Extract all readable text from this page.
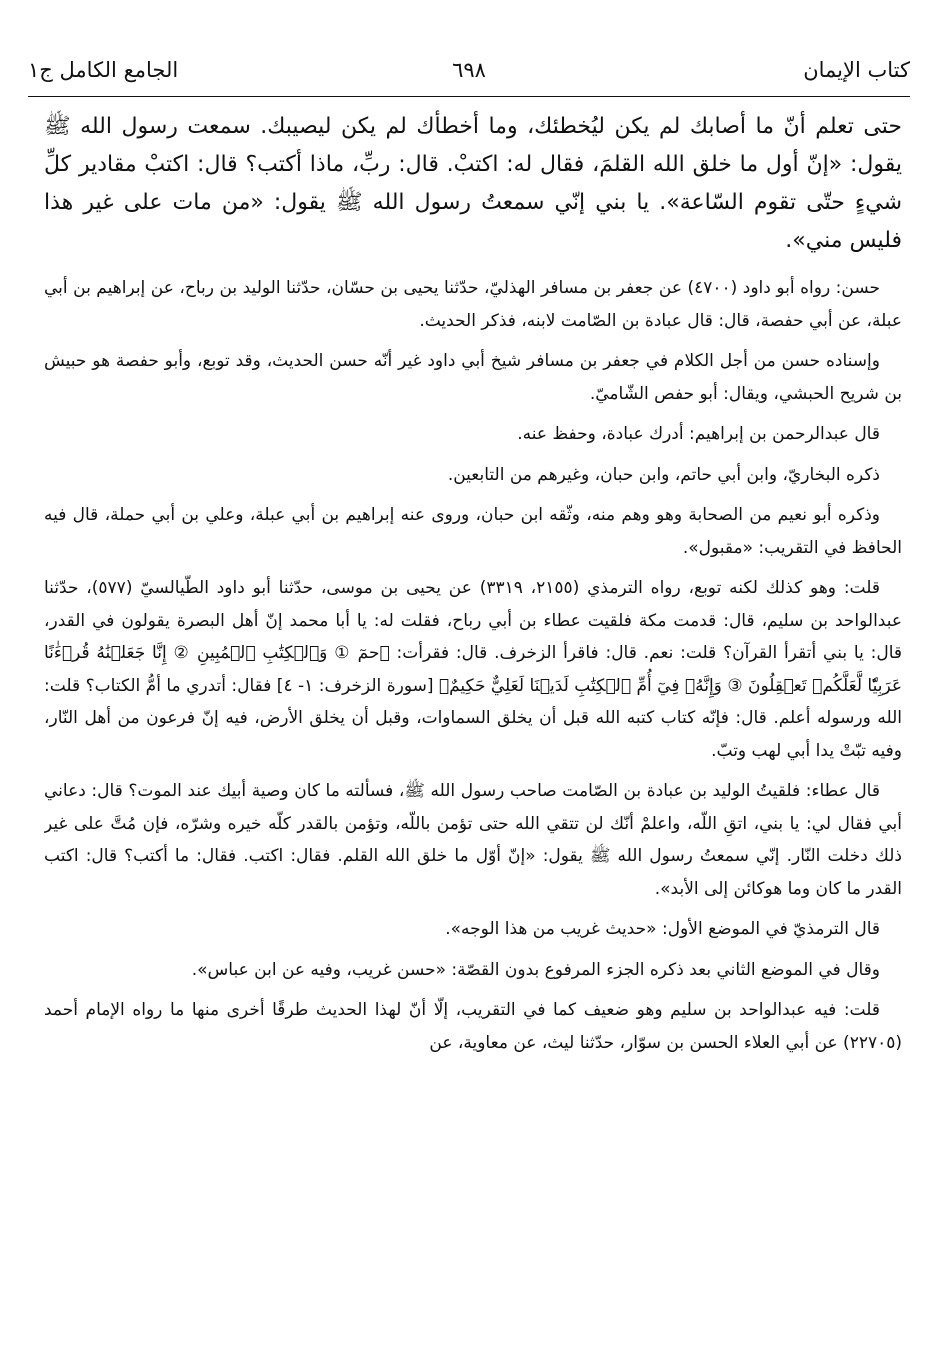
كتاب الإيمان
٦٩٨
الجامع الكامل ج١

حتى تعلم أنّ ما أصابك لم يكن ليُخطئك، وما أخطأك لم يكن ليصيبك. سمعت رسول الله ﷺ يقول: «إنّ أول ما خلق الله القلمَ، فقال له: اكتبْ. قال: ربِّ، ماذا أكتب؟ قال: اكتبْ مقادير كلِّ شيءٍ حتّى تقوم السّاعة». يا بني إنّي سمعتُ رسول الله ﷺ يقول: «من مات على غير هذا فليس مني».

حسن: رواه أبو داود (٤٧٠٠) عن جعفر بن مسافر الهذليّ، حدّثنا يحيى بن حسّان، حدّثنا الوليد بن رباح، عن إبراهيم بن أبي عبلة، عن أبي حفصة، قال: قال عبادة بن الصّامت لابنه، فذكر الحديث.

وإسناده حسن من أجل الكلام في جعفر بن مسافر شيخ أبي داود غير أنّه حسن الحديث، وقد توبع، وأبو حفصة هو حبيش بن شريح الحبشي، ويقال: أبو حفص الشّاميّ.

قال عبدالرحمن بن إبراهيم: أدرك عبادة، وحفظ عنه.

ذكره البخاريّ، وابن أبي حاتم، وابن حبان، وغيرهم من التابعين.

وذكره أبو نعيم من الصحابة وهو وهم منه، وثّقه ابن حبان، وروى عنه إبراهيم بن أبي عبلة، وعلي بن أبي حملة، قال فيه الحافظ في التقريب: «مقبول».

قلت: وهو كذلك لكنه توبع، رواه الترمذي (٢١٥٥، ٣٣١٩) عن يحيى بن موسى، حدّثنا أبو داود الطّيالسيّ (٥٧٧)، حدّثنا عبدالواحد بن سليم، قال: قدمت مكة فلقيت عطاء بن أبي رباح، فقلت له: يا أبا محمد إنّ أهل البصرة يقولون في القدر، قال: يا بني أتقرأ القرآن؟ قلت: نعم. قال: فاقرأ الزخرف. قال: فقرأت: ﴿حمٓ ① وَٱلۡكِتَٰبِ ٱلۡمُبِينِ ② إِنَّا جَعَلۡنَٰهُ قُرۡءَٰنًا عَرَبِيّٗا لَّعَلَّكُمۡ تَعۡقِلُونَ ③ وَإِنَّهُۥ فِيٓ أُمِّ ٱلۡكِتَٰبِ لَدَيۡنَا لَعَلِيٌّ حَكِيمٌ﴾ [سورة الزخرف: ١- ٤] فقال: أتدري ما أمُّ الكتاب؟ قلت: الله ورسوله أعلم. قال: فإنّه كتاب كتبه الله قبل أن يخلق السماوات، وقبل أن يخلق الأرض، فيه إنّ فرعون من أهل النّار، وفيه تبّتْ يدا أبي لهب وتبّ.

قال عطاء: فلقيتُ الوليد بن عبادة بن الصّامت صاحب رسول الله ﷺ، فسألته ما كان وصية أبيك عند الموت؟ قال: دعاني أبي فقال لي: يا بني، اتقِ اللّه، واعلمْ أنّك لن تتقي الله حتى تؤمن باللّه، وتؤمن بالقدر كلّه خيره وشرّه، فإن مُتَّ على غير ذلك دخلت النّار. إنّي سمعتُ رسول الله ﷺ يقول: «إنّ أوّل ما خلق الله القلم. فقال: اكتب. فقال: ما أكتب؟ قال: اكتب القدر ما كان وما هوكائن إلى الأبد».

قال الترمذيّ في الموضع الأول: «حديث غريب من هذا الوجه».

وقال في الموضع الثاني بعد ذكره الجزء المرفوع بدون القصّة: «حسن غريب، وفيه عن ابن عباس».

قلت: فيه عبدالواحد بن سليم وهو ضعيف كما في التقريب، إلّا أنّ لهذا الحديث طرقًا أخرى منها ما رواه الإمام أحمد (٢٢٧٠٥) عن أبي العلاء الحسن بن سوّار، حدّثنا ليث، عن معاوية، عن
